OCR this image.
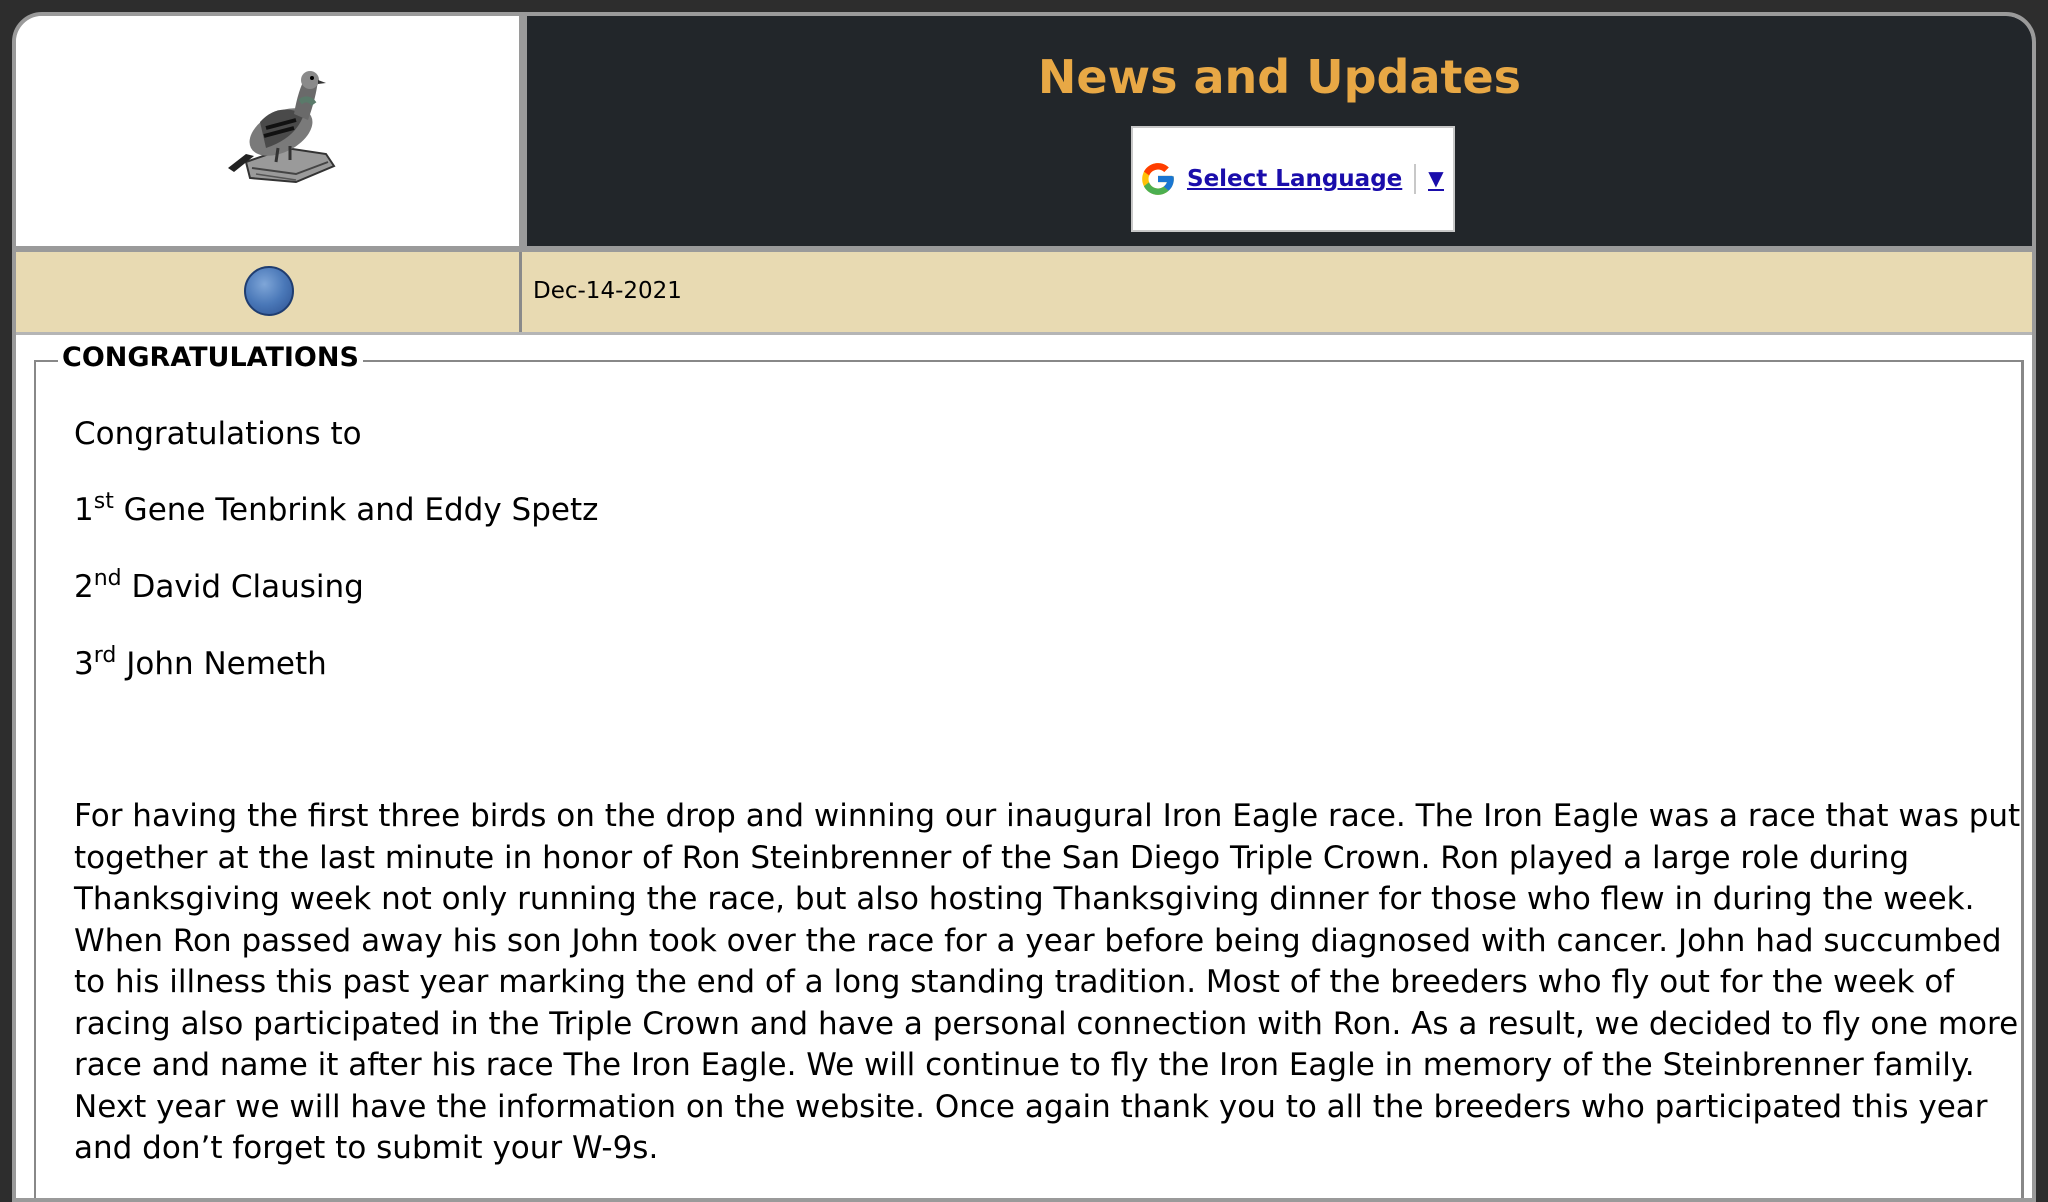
News and Updates
Select Language ▼
Dec-14-2021
CONGRATULATIONS

Congratulations to

1st Gene Tenbrink and Eddy Spetz

2nd David Clausing

3rd John Nemeth

For having the first three birds on the drop and winning our inaugural Iron Eagle race. The Iron Eagle was a race that was put together at the last minute in honor of Ron Steinbrenner of the San Diego Triple Crown. Ron played a large role during Thanksgiving week not only running the race, but also hosting Thanksgiving dinner for those who flew in during the week. When Ron passed away his son John took over the race for a year before being diagnosed with cancer. John had succumbed to his illness this past year marking the end of a long standing tradition. Most of the breeders who fly out for the week of racing also participated in the Triple Crown and have a personal connection with Ron. As a result, we decided to fly one more race and name it after his race The Iron Eagle. We will continue to fly the Iron Eagle in memory of the Steinbrenner family. Next year we will have the information on the website. Once again thank you to all the breeders who participated this year and don’t forget to submit your W-9s.
